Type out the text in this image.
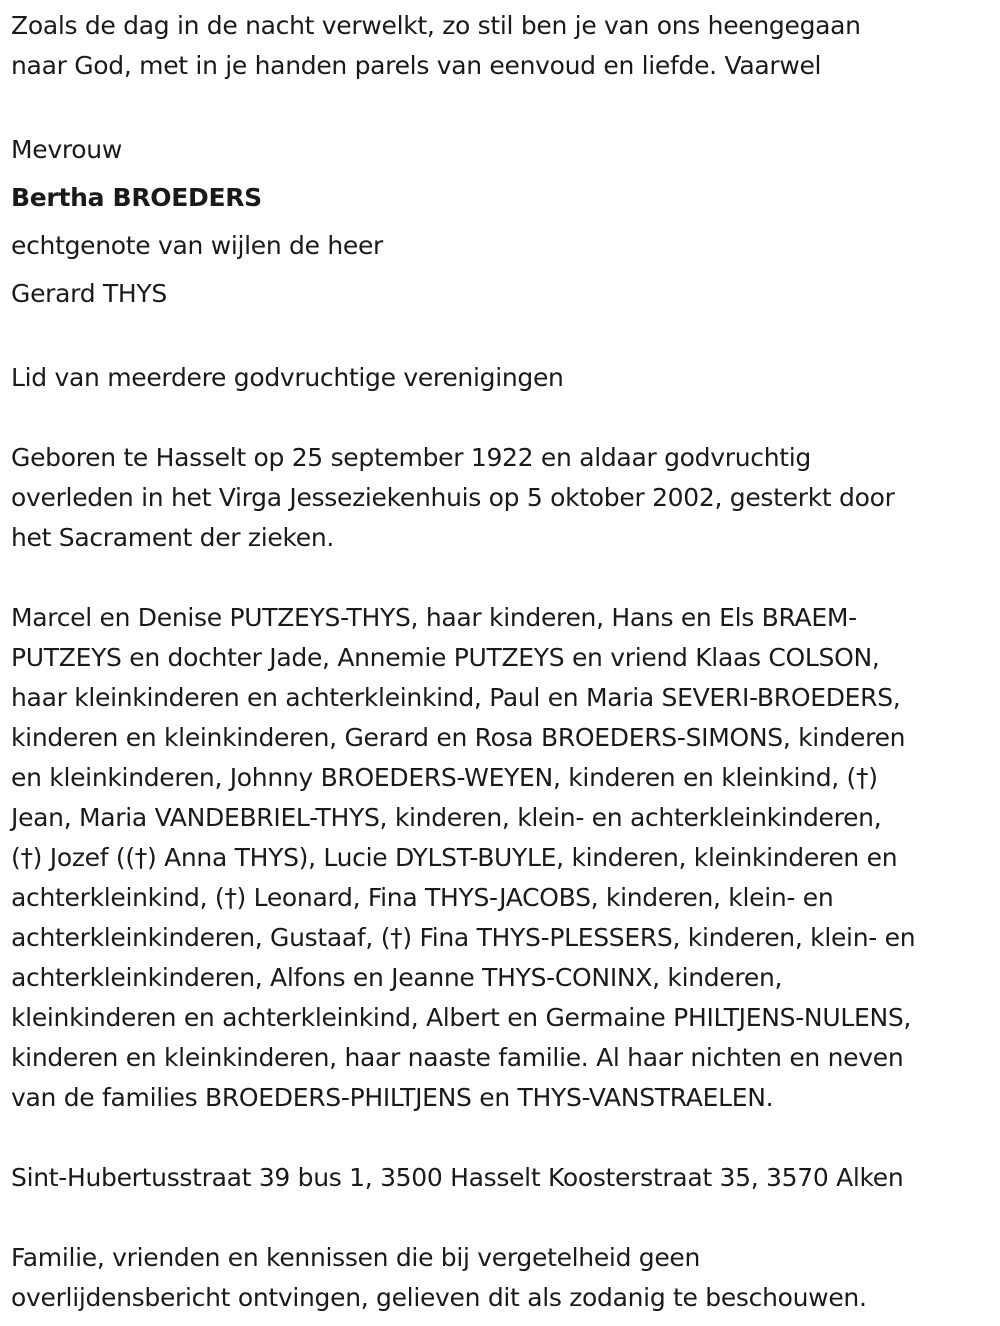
Zoals de dag in de nacht verwelkt, zo stil ben je van ons heengegaan
naar God, met in je handen parels van eenvoud en liefde. Vaarwel

Mevrouw

Bertha BROEDERS

echtgenote van wijlen de heer

Gerard THYS

Lid van meerdere godvruchtige verenigingen

Geboren te Hasselt op 25 september 1922 en aldaar godvruchtig
overleden in het Virga Jesseziekenhuis op 5 oktober 2002, gesterkt door
het Sacrament der zieken.

Marcel en Denise PUTZEYS-THYS, haar kinderen, Hans en Els BRAEM-
PUTZEYS en dochter Jade, Annemie PUTZEYS en vriend Klaas COLSON,
haar kleinkinderen en achterkleinkind, Paul en Maria SEVERI-BROEDERS,
kinderen en kleinkinderen, Gerard en Rosa BROEDERS-SIMONS, kinderen
en kleinkinderen, Johnny BROEDERS-WEYEN, kinderen en kleinkind, (†)
Jean, Maria VANDEBRIEL-THYS, kinderen, klein- en achterkleinkinderen,
(†) Jozef ((†) Anna THYS), Lucie DYLST-BUYLE, kinderen, kleinkinderen en
achterkleinkind, (†) Leonard, Fina THYS-JACOBS, kinderen, klein- en
achterkleinkinderen, Gustaaf, (†) Fina THYS-PLESSERS, kinderen, klein- en
achterkleinkinderen, Alfons en Jeanne THYS-CONINX, kinderen,
kleinkinderen en achterkleinkind, Albert en Germaine PHILTJENS-NULENS,
kinderen en kleinkinderen, haar naaste familie. Al haar nichten en neven
van de families BROEDERS-PHILTJENS en THYS-VANSTRAELEN.

Sint-Hubertusstraat 39 bus 1, 3500 Hasselt Koosterstraat 35, 3570 Alken

Familie, vrienden en kennissen die bij vergetelheid geen
overlijdensbericht ontvingen, gelieven dit als zodanig te beschouwen.
